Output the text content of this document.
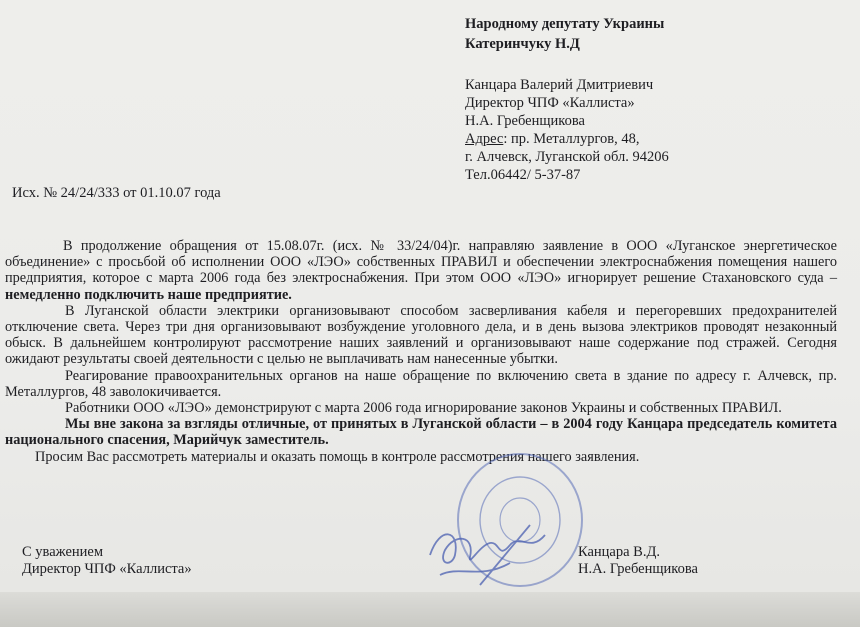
Народному депутату Украины
Катеринчуку Н.Д
Канцара Валерий Дмитриевич
Директор ЧПФ «Каллиста»
Н.А. Гребенщикова
Адрес: пр. Металлургов, 48,
г. Алчевск, Луганской обл. 94206
Тел.06442/ 5-37-87
Исх. № 24/24/333 от 01.10.07 года

В продолжение обращения от 15.08.07г. (исх. № 33/24/04)г. направляю заявление в ООО «Луганское энергетическое объединение» с просьбой об исполнении ООО «ЛЭО» собственных ПРАВИЛ и обеспечении электроснабжения помещения нашего предприятия, которое с марта 2006 года без электроснабжения. При этом ООО «ЛЭО» игнорирует решение Стахановского суда – немедленно подключить наше предприятие.

В Луганской области электрики организовывают способом засверливания кабеля и перегоревших предохранителей отключение света. Через три дня организовывают возбуждение уголовного дела, и в день вызова электриков проводят незаконный обыск. В дальнейшем контролируют рассмотрение наших заявлений и организовывают наше содержание под стражей. Сегодня ожидают результаты своей деятельности с целью не выплачивать нам нанесенные убытки.

Реагирование правоохранительных органов на наше обращение по включению света в здание по адресу г. Алчевск, пр. Металлургов, 48 заволокичивается.

Работники ООО «ЛЭО» демонстрируют с марта 2006 года игнорирование законов Украины и собственных ПРАВИЛ.

Мы вне закона за взгляды отличные, от принятых в Луганской области – в 2004 году Канцара председатель комитета национального спасения, Марийчук заместитель.

Просим Вас рассмотреть материалы и оказать помощь в контроле рассмотрения нашего заявления.

С уважением
Директор ЧПФ «Каллиста»
Канцара В.Д.
Н.А. Гребенщикова
